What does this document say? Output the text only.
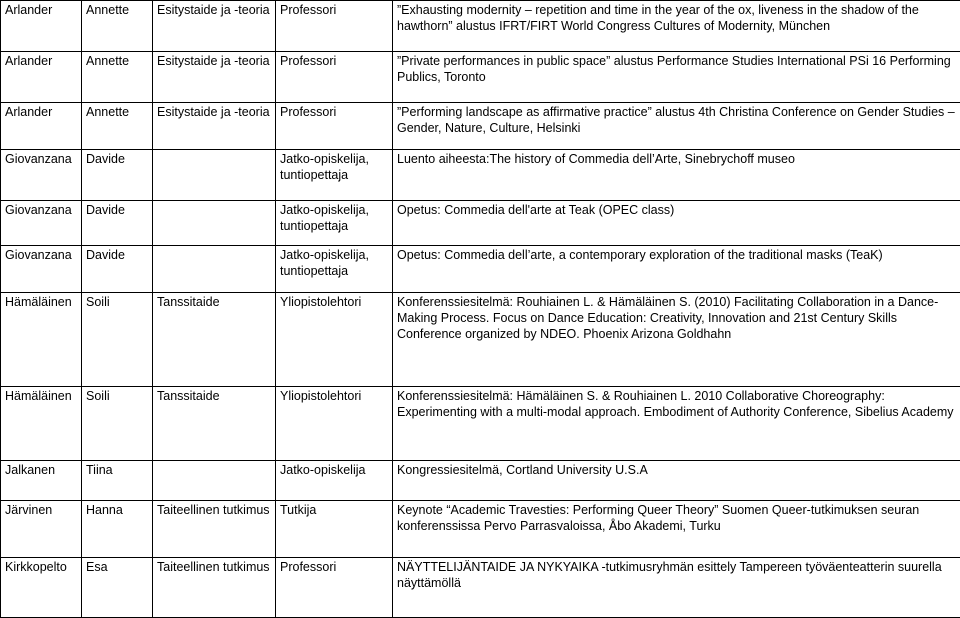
Arlander	Annette	Esitystaide ja -teoria	Professori	”Exhausting modernity – repetition and time in the year of the ox, liveness in the shadow of the hawthorn” alustus IFRT/FIRT World Congress Cultures of Modernity, München
Arlander	Annette	Esitystaide ja -teoria	Professori	”Private performances in public space” alustus Performance Studies International PSi 16 Performing Publics, Toronto
Arlander	Annette	Esitystaide ja -teoria	Professori	”Performing landscape as affirmative practice” alustus 4th Christina Conference on Gender Studies – Gender, Nature, Culture, Helsinki
Giovanzana	Davide		Jatko-opiskelija, tuntiopettaja	Luento aiheesta:The history of Commedia dell’Arte, Sinebrychoff museo
Giovanzana	Davide		Jatko-opiskelija, tuntiopettaja	Opetus: Commedia dell'arte at Teak (OPEC class)
Giovanzana	Davide		Jatko-opiskelija, tuntiopettaja	Opetus: Commedia dell’arte, a contemporary exploration of the traditional masks (TeaK)
Hämäläinen	Soili	Tanssitaide	Yliopistolehtori	Konferenssiesitelmä: Rouhiainen L. & Hämäläinen S. (2010) Facilitating Collaboration in a Dance-Making Process. Focus on Dance Education: Creativity, Innovation and 21st Century Skills Conference organized by NDEO. Phoenix Arizona Goldhahn
Hämäläinen	Soili	Tanssitaide	Yliopistolehtori	Konferenssiesitelmä: Hämäläinen S. & Rouhiainen L. 2010 Collaborative Choreography: Experimenting with a multi-modal approach. Embodiment of Authority Conference, Sibelius Academy
Jalkanen	Tiina		Jatko-opiskelija	Kongressiesitelmä, Cortland University U.S.A
Järvinen	Hanna	Taiteellinen tutkimus	Tutkija	Keynote “Academic Travesties: Performing Queer Theory” Suomen Queer-tutkimuksen seuran konferenssissa Pervo Parrasvaloissa, Åbo Akademi, Turku
Kirkkopelto	Esa	Taiteellinen tutkimus	Professori	NÄYTTELIJÄNTAIDE JA NYKYAIKA -tutkimusryhmän esittely Tampereen työväenteatterin suurella näyttämöllä
